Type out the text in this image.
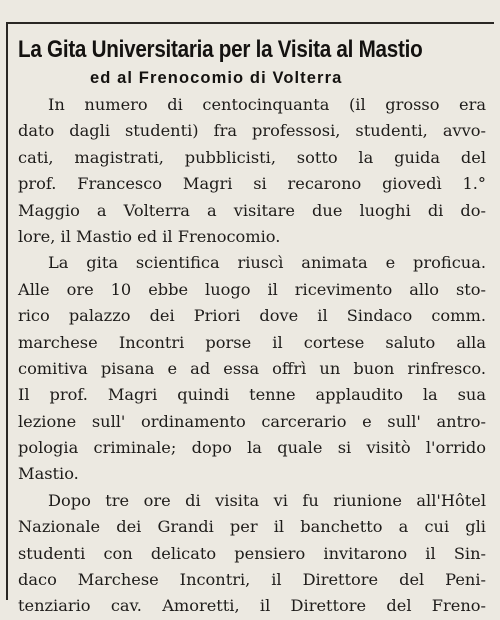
La Gita Universitaria per la Visita al Mastio
ed al Frenocomio di Volterra
In numero di centocinquanta (il grosso era
dato dagli studenti) fra professosi, studenti, avvo-
cati, magistrati, pubblicisti, sotto la guida del
prof. Francesco Magri si recarono giovedì 1.°
Maggio a Volterra a visitare due luoghi di do-
lore, il Mastio ed il Frenocomio.
La gita scientifica riuscì animata e proficua.
Alle ore 10 ebbe luogo il ricevimento allo sto-
rico palazzo dei Priori dove il Sindaco comm.
marchese Incontri porse il cortese saluto alla
comitiva pisana e ad essa offrì un buon rinfresco.
Il prof. Magri quindi tenne applaudito la sua
lezione sull' ordinamento carcerario e sull' antro-
pologia criminale; dopo la quale si visitò l'orrido
Mastio.
Dopo tre ore di visita vi fu riunione all'Hôtel
Nazionale dei Grandi per il banchetto a cui gli
studenti con delicato pensiero invitarono il Sin-
daco Marchese Incontri, il Direttore del Peni-
tenziario cav. Amoretti, il Direttore del Freno-
